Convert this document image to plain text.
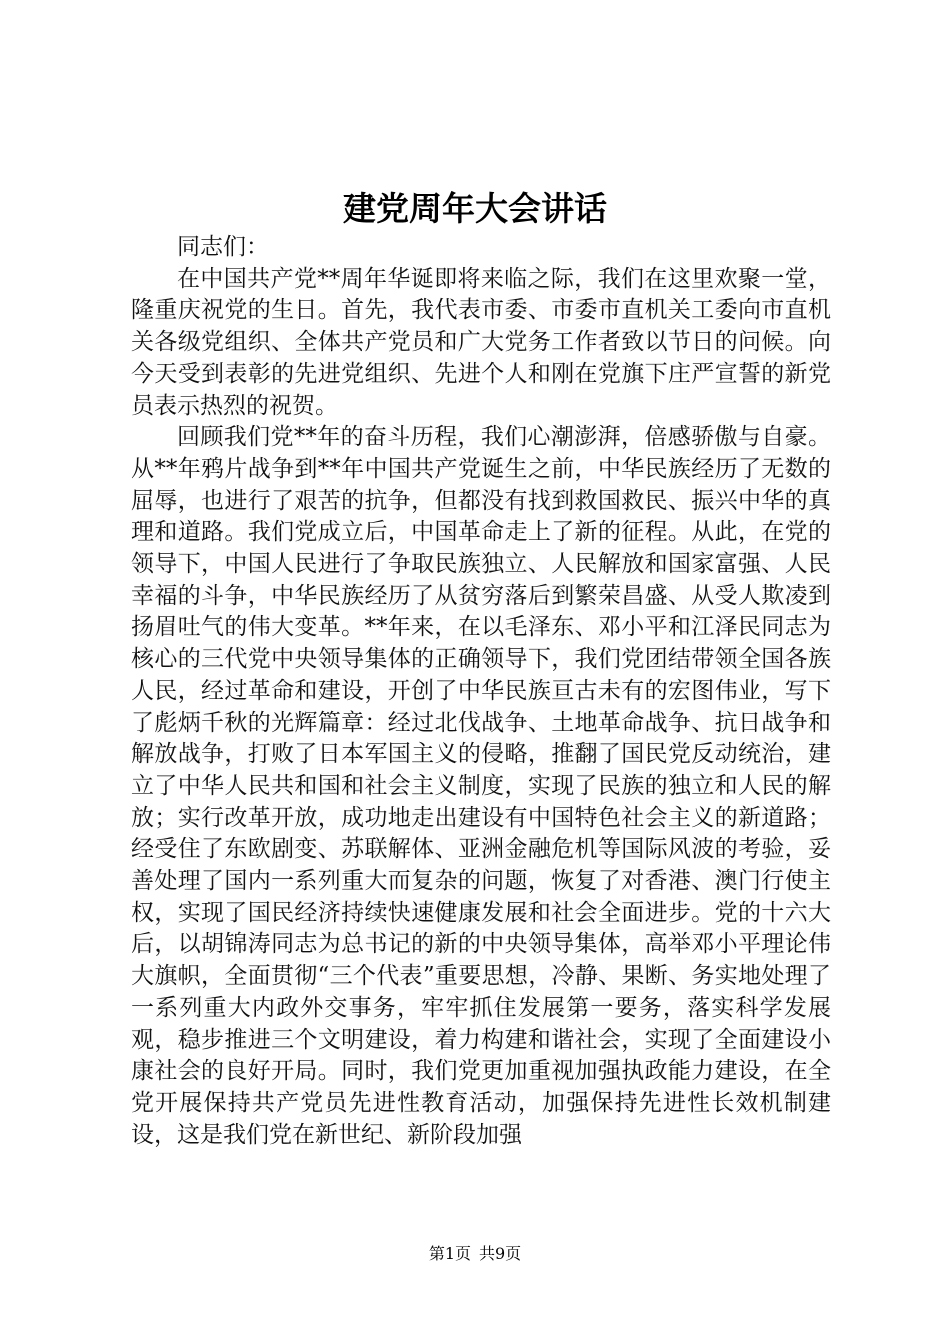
建党周年大会讲话

同志们：

在中国共产党**周年华诞即将来临之际，我们在这里欢聚一堂，隆重庆祝党的生日。首先，我代表市委、市委市直机关工委向市直机关各级党组织、全体共产党员和广大党务工作者致以节日的问候。向今天受到表彰的先进党组织、先进个人和刚在党旗下庄严宣誓的新党员表示热烈的祝贺。

回顾我们党**年的奋斗历程，我们心潮澎湃，倍感骄傲与自豪。从**年鸦片战争到**年中国共产党诞生之前，中华民族经历了无数的屈辱，也进行了艰苦的抗争，但都没有找到救国救民、振兴中华的真理和道路。我们党成立后，中国革命走上了新的征程。从此，在党的领导下，中国人民进行了争取民族独立、人民解放和国家富强、人民幸福的斗争，中华民族经历了从贫穷落后到繁荣昌盛、从受人欺凌到扬眉吐气的伟大变革。**年来，在以毛泽东、邓小平和江泽民同志为核心的三代党中央领导集体的正确领导下，我们党团结带领全国各族人民，经过革命和建设，开创了中华民族亘古未有的宏图伟业，写下了彪炳千秋的光辉篇章：经过北伐战争、土地革命战争、抗日战争和解放战争，打败了日本军国主义的侵略，推翻了国民党反动统治，建立了中华人民共和国和社会主义制度，实现了民族的独立和人民的解放；实行改革开放，成功地走出建设有中国特色社会主义的新道路；经受住了东欧剧变、苏联解体、亚洲金融危机等国际风波的考验，妥善处理了国内一系列重大而复杂的问题，恢复了对香港、澳门行使主权，实现了国民经济持续快速健康发展和社会全面进步。党的十六大后，以胡锦涛同志为总书记的新的中央领导集体，高举邓小平理论伟大旗帜，全面贯彻“三个代表”重要思想，冷静、果断、务实地处理了一系列重大内政外交事务，牢牢抓住发展第一要务，落实科学发展观，稳步推进三个文明建设，着力构建和谐社会，实现了全面建设小康社会的良好开局。同时，我们党更加重视加强执政能力建设，在全党开展保持共产党员先进性教育活动，加强保持先进性长效机制建设，这是我们党在新世纪、新阶段加强

第1页 共9页
